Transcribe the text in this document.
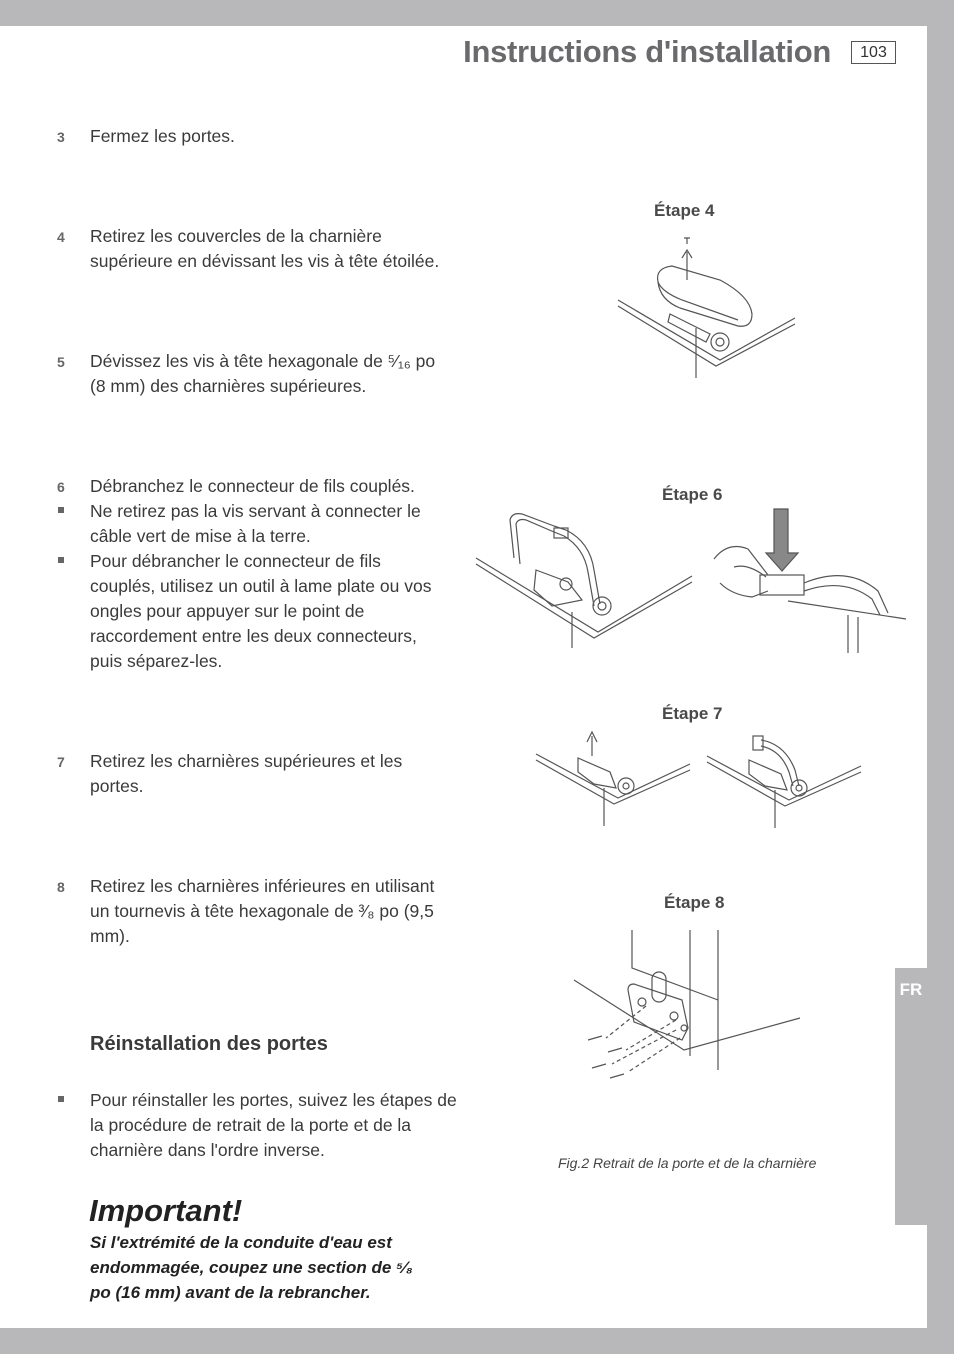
FR
Instructions d'installation	103
3 Fermez les portes.
4 Retirez les couvercles de la charnière supérieure en dévissant les vis à tête étoilée.
5 Dévissez les vis à tête hexagonale de ⁵⁄₁₆ po (8 mm) des charnières supérieures.
6 Débranchez le connecteur de fils couplés.
Ne retirez pas la vis servant à connecter le câble vert de mise à la terre.
Pour débrancher le connecteur de fils couplés, utilisez un outil à lame plate ou vos ongles pour appuyer sur le point de raccordement entre les deux connecteurs, puis séparez-les.
7 Retirez les charnières supérieures et les portes.
8 Retirez les charnières inférieures en utilisant un tournevis à tête hexagonale de ³⁄₈ po (9,5 mm).
Réinstallation des portes
Pour réinstaller les portes, suivez les étapes de la procédure de retrait de la porte et de la charnière dans l'ordre inverse.
Important!
Si l'extrémité de la conduite d'eau est endommagée, coupez une section de ⁵⁄₈ po (16 mm) avant de la rebrancher.
Étape 4
Étape 6
Étape 7
Étape 8
Fig.2 Retrait de la porte et de la charnière
